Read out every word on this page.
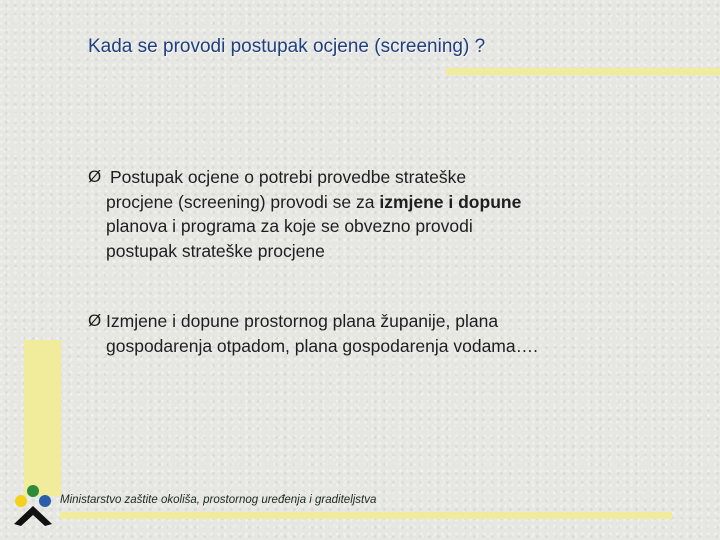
Kada se provodi postupak ocjene (screening) ?
Ø Postupak ocjene o potrebi provedbe strateške
procjene (screening) provodi se za izmjene i dopune
planova i programa za koje se obvezno provodi
postupak strateške procjene
Ø Izmjene i dopune prostornog plana županije, plana
gospodarenja otpadom, plana gospodarenja vodama….
Ministarstvo zaštite okoliša, prostornog uređenja i graditeljstva
